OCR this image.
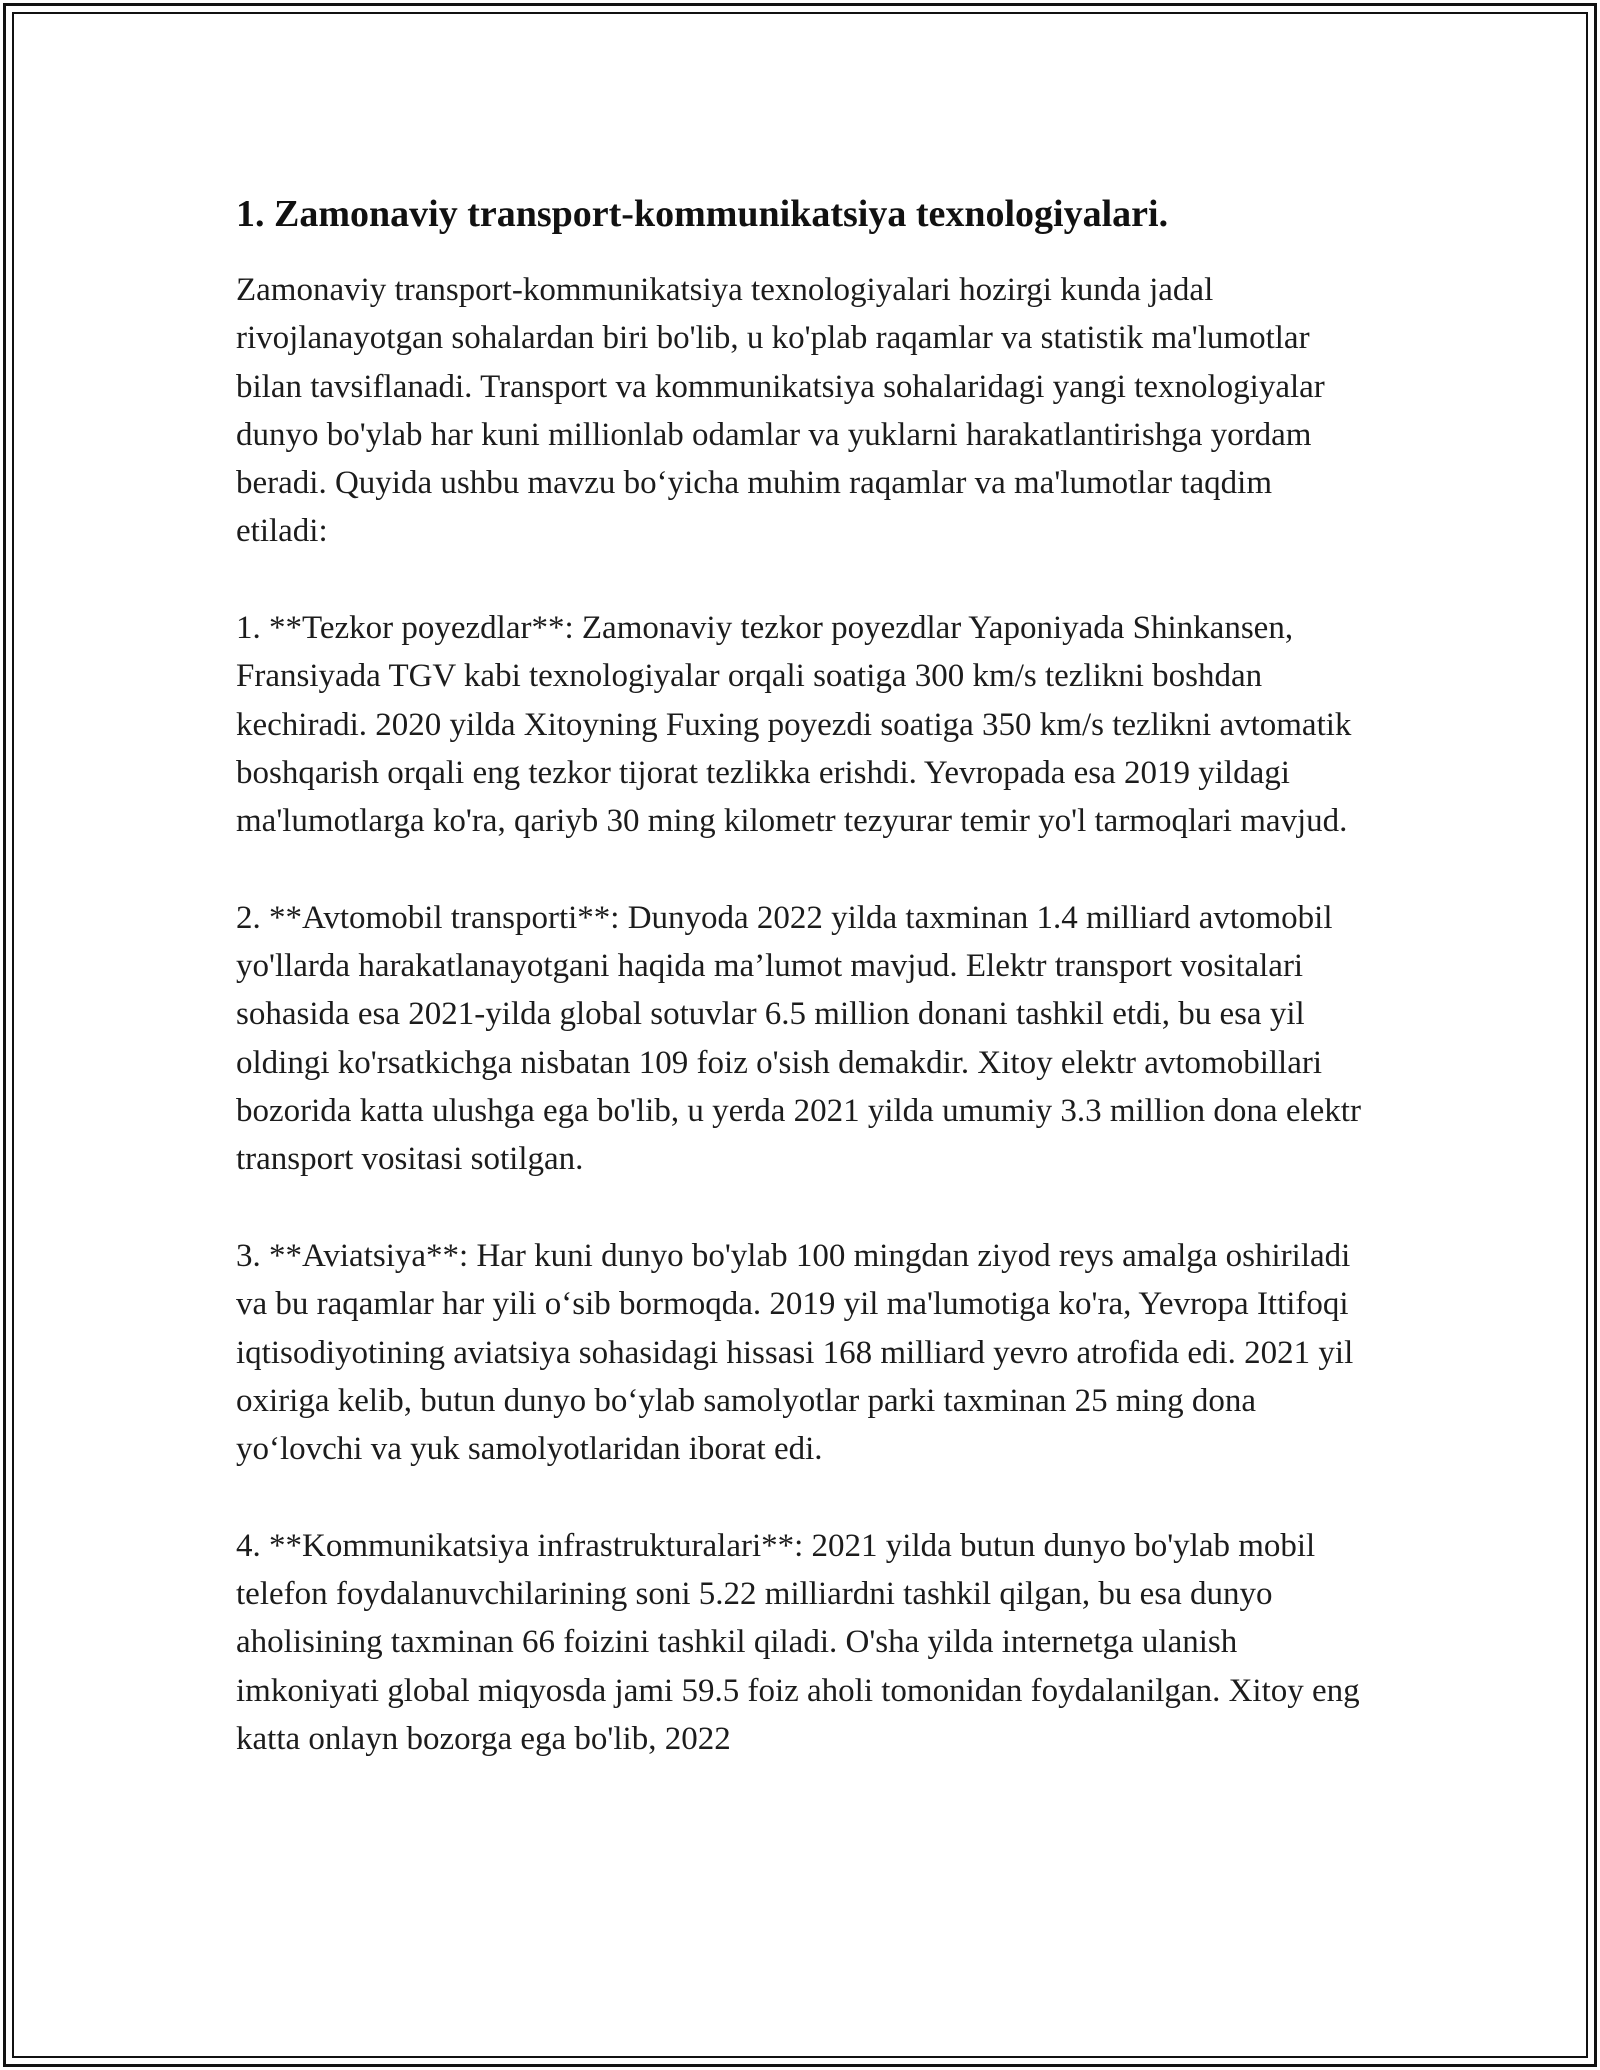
1. Zamonaviy transport-kommunikatsiya texnologiyalari.

Zamonaviy transport-kommunikatsiya texnologiyalari hozirgi kunda jadal rivojlanayotgan sohalardan biri bo'lib, u ko'plab raqamlar va statistik ma'lumotlar bilan tavsiflanadi. Transport va kommunikatsiya sohalaridagi yangi texnologiyalar dunyo bo'ylab har kuni millionlab odamlar va yuklarni harakatlantirishga yordam beradi. Quyida ushbu mavzu bo‘yicha muhim raqamlar va ma'lumotlar taqdim etiladi:

1. **Tezkor poyezdlar**: Zamonaviy tezkor poyezdlar Yaponiyada Shinkansen, Fransiyada TGV kabi texnologiyalar orqali soatiga 300 km/s tezlikni boshdan kechiradi. 2020 yilda Xitoyning Fuxing poyezdi soatiga 350 km/s tezlikni avtomatik boshqarish orqali eng tezkor tijorat tezlikka erishdi. Yevropada esa 2019 yildagi ma'lumotlarga ko'ra, qariyb 30 ming kilometr tezyurar temir yo'l tarmoqlari mavjud.

2. **Avtomobil transporti**: Dunyoda 2022 yilda taxminan 1.4 milliard avtomobil yo'llarda harakatlanayotgani haqida ma’lumot mavjud. Elektr transport vositalari sohasida esa 2021-yilda global sotuvlar 6.5 million donani tashkil etdi, bu esa yil oldingi ko'rsatkichga nisbatan 109 foiz o'sish demakdir. Xitoy elektr avtomobillari bozorida katta ulushga ega bo'lib, u yerda 2021 yilda umumiy 3.3 million dona elektr transport vositasi sotilgan.

3. **Aviatsiya**: Har kuni dunyo bo'ylab 100 mingdan ziyod reys amalga oshiriladi va bu raqamlar har yili o‘sib bormoqda. 2019 yil ma'lumotiga ko'ra, Yevropa Ittifoqi iqtisodiyotining aviatsiya sohasidagi hissasi 168 milliard yevro atrofida edi. 2021 yil oxiriga kelib, butun dunyo bo‘ylab samolyotlar parki taxminan 25 ming dona yo‘lovchi va yuk samolyotlaridan iborat edi.

4. **Kommunikatsiya infrastrukturalari**: 2021 yilda butun dunyo bo'ylab mobil telefon foydalanuvchilarining soni 5.22 milliardni tashkil qilgan, bu esa dunyo aholisining taxminan 66 foizini tashkil qiladi. O'sha yilda internetga ulanish imkoniyati global miqyosda jami 59.5 foiz aholi tomonidan foydalanilgan. Xitoy eng katta onlayn bozorga ega bo'lib, 2022
